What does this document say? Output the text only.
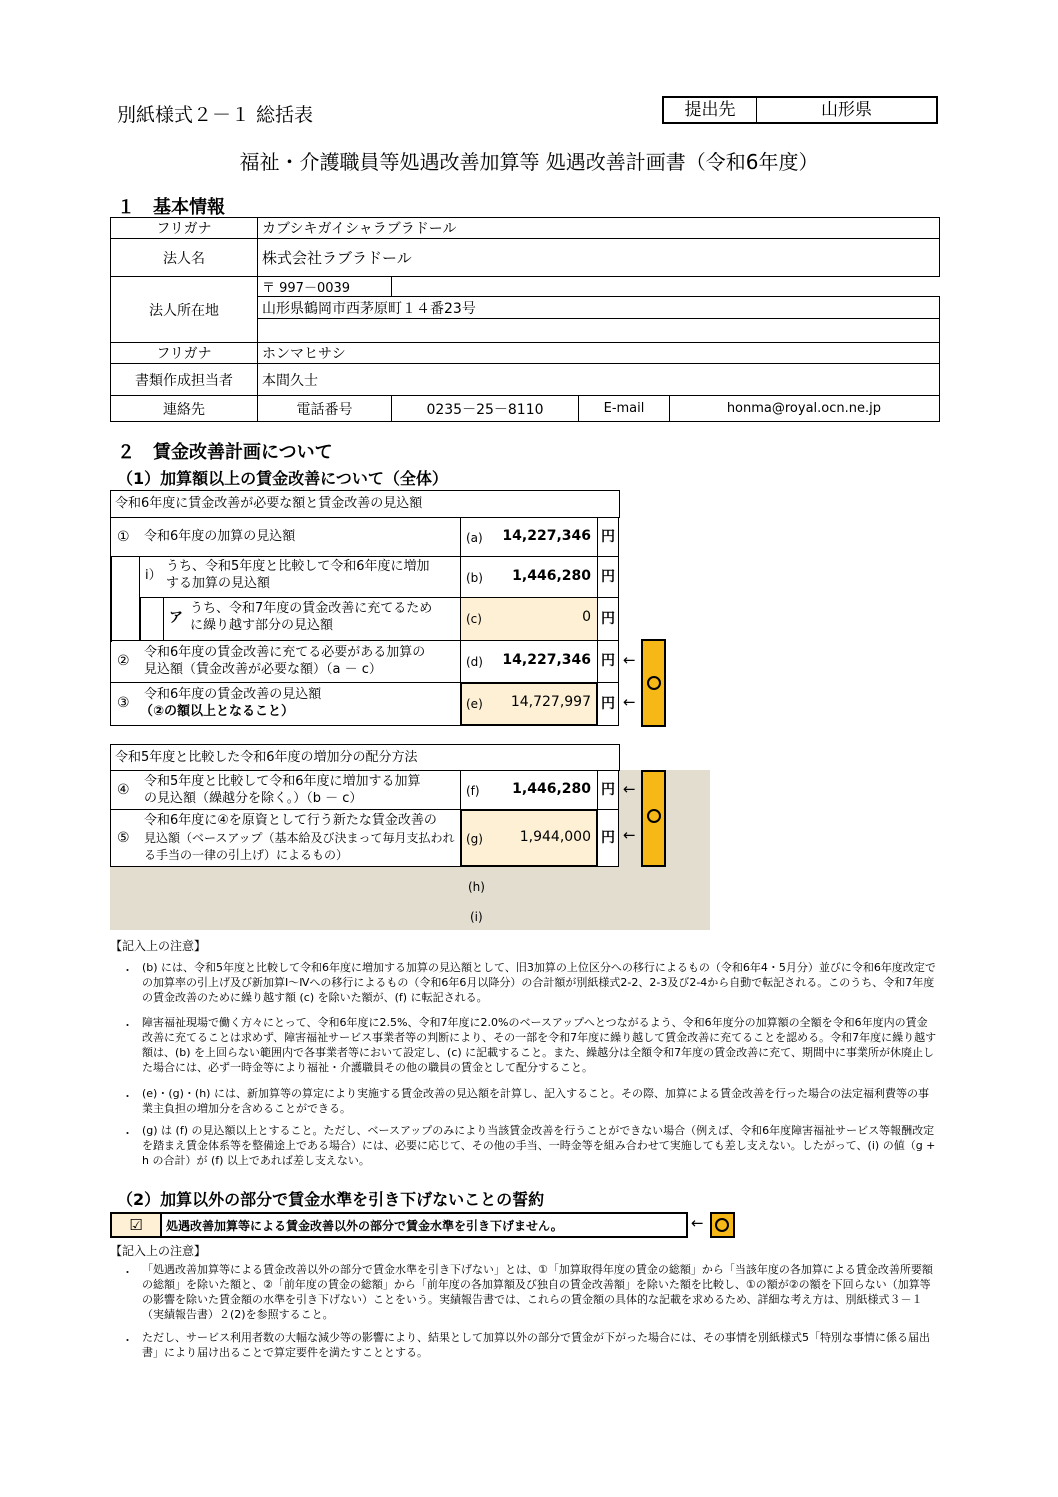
別紙様式２－１ 総括表	提出先	山形県
福祉・介護職員等処遇改善加算等 処遇改善計画書（令和6年度）
１　基本情報
フリガナ	カブシキガイシャラブラドール			
法人名	株式会社ラブラドール			
法人所在地	〒 997－0039			
	山形県鶴岡市西茅原町１４番23号			

フリガナ	ホンマヒサシ			
書類作成担当者	本間久士			
連絡先	電話番号	0235－25－8110	E-mail	honma@royal.ocn.ne.jp
２　賃金改善計画について
（1）加算額以上の賃金改善について（全体）
令和6年度に賃金改善が必要な額と賃金改善の見込額
① 令和6年度の加算の見込額	(a)	14,227,346 円
ⅰ）
うち、令和5年度と比較して令和6年度に増加
する加算の見込額	(b)	1,446,280 円
ア
うち、令和7年度の賃金改善に充てるため
に繰り越す部分の見込額	(c)	0 円
②
令和6年度の賃金改善に充てる必要がある加算の
見込額（賃金改善が必要な額）（a － c）	(d)	14,227,346 円 ←
③
令和6年度の賃金改善の見込額
（②の額以上となること）	(e)	14,727,997 円 ←
令和5年度と比較した令和6年度の増加分の配分方法
④
令和5年度と比較して令和6年度に増加する加算
の見込額（繰越分を除く。）（b － c）	(f)	1,446,280 円 ←
⑤
令和6年度に④を原資として行う新たな賃金改善の
見込額（ベースアップ（基本給及び決まって毎月支払われ
る手当の一律の引上げ）によるもの）
(g)	1,944,000 円 ←
(h)
(i)
【記入上の注意】
・ (b) には、令和5年度と比較して令和6年度に増加する加算の見込額として、旧3加算の上位区分への移行によるもの（令和6年4・5月分）並びに令和6年度改定での加算率の引上げ及び新加算Ⅰ～Ⅳへの移行によるもの（令和6年6月以降分）の合計額が別紙様式2-2、2-3及び2-4から自動で転記される。このうち、令和7年度の賃金改善のために繰り越す額 (c) を除いた額が、(f) に転記される。
・ 障害福祉現場で働く方々にとって、令和6年度に2.5%、令和7年度に2.0%のベースアップへとつながるよう、令和6年度分の加算額の全額を令和6年度内の賃金改善に充てることは求めず、障害福祉サービス事業者等の判断により、その一部を令和7年度に繰り越して賃金改善に充てることを認める。令和7年度に繰り越す額は、(b) を上回らない範囲内で各事業者等において設定し、(c) に記載すること。また、繰越分は全額令和7年度の賃金改善に充て、期間中に事業所が休廃止した場合には、必ず一時金等により福祉・介護職員その他の職員の賃金として配分すること。
・ (e)・(g)・(h) には、新加算等の算定により実施する賃金改善の見込額を計算し、記入すること。その際、加算による賃金改善を行った場合の法定福利費等の事業主負担の増加分を含めることができる。
・ (g) は (f) の見込額以上とすること。ただし、ベースアップのみにより当該賃金改善を行うことができない場合（例えば、令和6年度障害福祉サービス等報酬改定を踏まえ賃金体系等を整備途上である場合）には、必要に応じて、その他の手当、一時金等を組み合わせて実施しても差し支えない。したがって、(i) の値（g + h の合計）が (f) 以上であれば差し支えない。
（2）加算以外の部分で賃金水準を引き下げないことの誓約
☑	処遇改善加算等による賃金改善以外の部分で賃金水準を引き下げません。	←
【記入上の注意】
・ 「処遇改善加算等による賃金改善以外の部分で賃金水準を引き下げない」とは、①「加算取得年度の賃金の総額」から「当該年度の各加算による賃金改善所要額の総額」を除いた額と、②「前年度の賃金の総額」から「前年度の各加算額及び独自の賃金改善額」を除いた額を比較し、①の額が②の額を下回らない（加算等の影響を除いた賃金額の水準を引き下げない）ことをいう。実績報告書では、これらの賃金額の具体的な記載を求めるため、詳細な考え方は、別紙様式３－１（実績報告書）２(2)を参照すること。
・ ただし、サービス利用者数の大幅な減少等の影響により、結果として加算以外の部分で賃金が下がった場合には、その事情を別紙様式5「特別な事情に係る届出書」により届け出ることで算定要件を満たすこととする。
